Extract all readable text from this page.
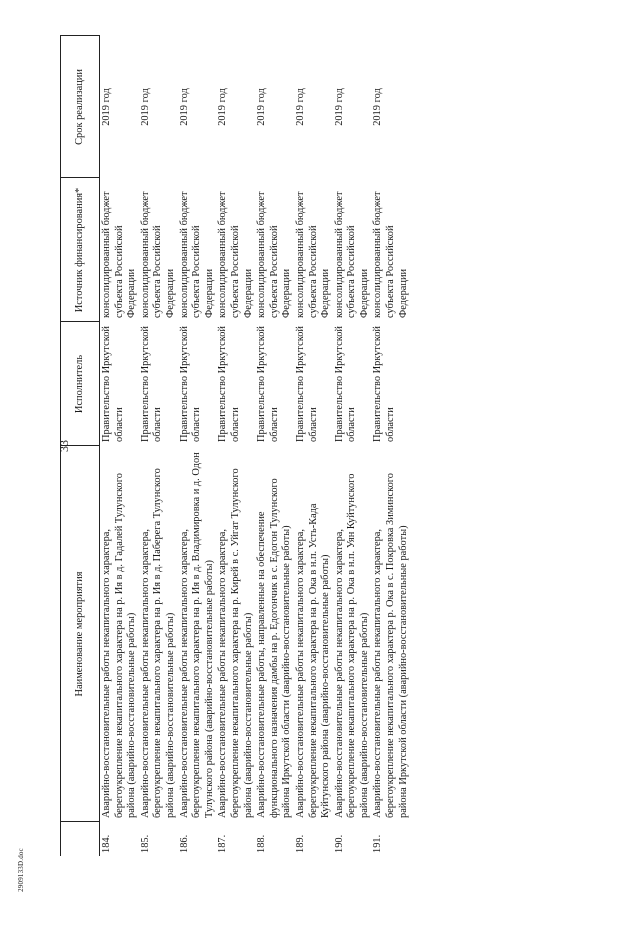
33
	Наименование мероприятия	Исполнитель	Источник финансирования*	Срок реализации
184.	Аварийно-восстановительные работы некапитального характера, берегоукрепление некапитального характера на р. Ия в д. Гадалей Тулунского района (аварийно-восстановительные работы)	Правительство Иркутской области	консолидированный бюджет субъекта Российской Федерации	2019 год
185.	Аварийно-восстановительные работы некапитального характера, берегоукрепление некапитального характера на р. Ия в д. Паберега Тулунского района (аварийно-восстановительные работы)	Правительство Иркутской области	консолидированный бюджет субъекта Российской Федерации	2019 год
186.	Аварийно-восстановительные работы некапитального характера, берегоукрепление некапитального характера на р. Ия в д. Владимировка и д. Одон Тулунского района (аварийно-восстановительные работы)	Правительство Иркутской области	консолидированный бюджет субъекта Российской Федерации	2019 год
187.	Аварийно-восстановительные работы некапитального характера, берегоукрепление некапитального характера на р. Кирей в с. Уйгат Тулунского района (аварийно-восстановительные работы)	Правительство Иркутской области	консолидированный бюджет субъекта Российской Федерации	2019 год
188.	Аварийно-восстановительные работы, направленные на обеспечение функционального назначения дамбы на р. Едогончик в с. Едогон Тулунского района Иркутской области (аварийно-восстановительные работы)	Правительство Иркутской области	консолидированный бюджет субъекта Российской Федерации	2019 год
189.	Аварийно-восстановительные работы некапитального характера, берегоукрепление некапитального характера на р. Ока в н.п. Усть-Када Куйтунского района (аварийно-восстановительные работы)	Правительство Иркутской области	консолидированный бюджет субъекта Российской Федерации	2019 год
190.	Аварийно-восстановительные работы некапитального характера, берегоукрепление некапитального характера на р. Ока в н.п. Уян Куйтунского района (аварийно-восстановительные работы)	Правительство Иркутской области	консолидированный бюджет субъекта Российской Федерации	2019 год
191.	Аварийно-восстановительные работы некапитального характера, берегоукрепление некапитального характера р. Ока в с. Покровка Зиминского района Иркутской области (аварийно-восстановительные работы)	Правительство Иркутской области	консолидированный бюджет субъекта Российской Федерации	2019 год
2909133D.doc
